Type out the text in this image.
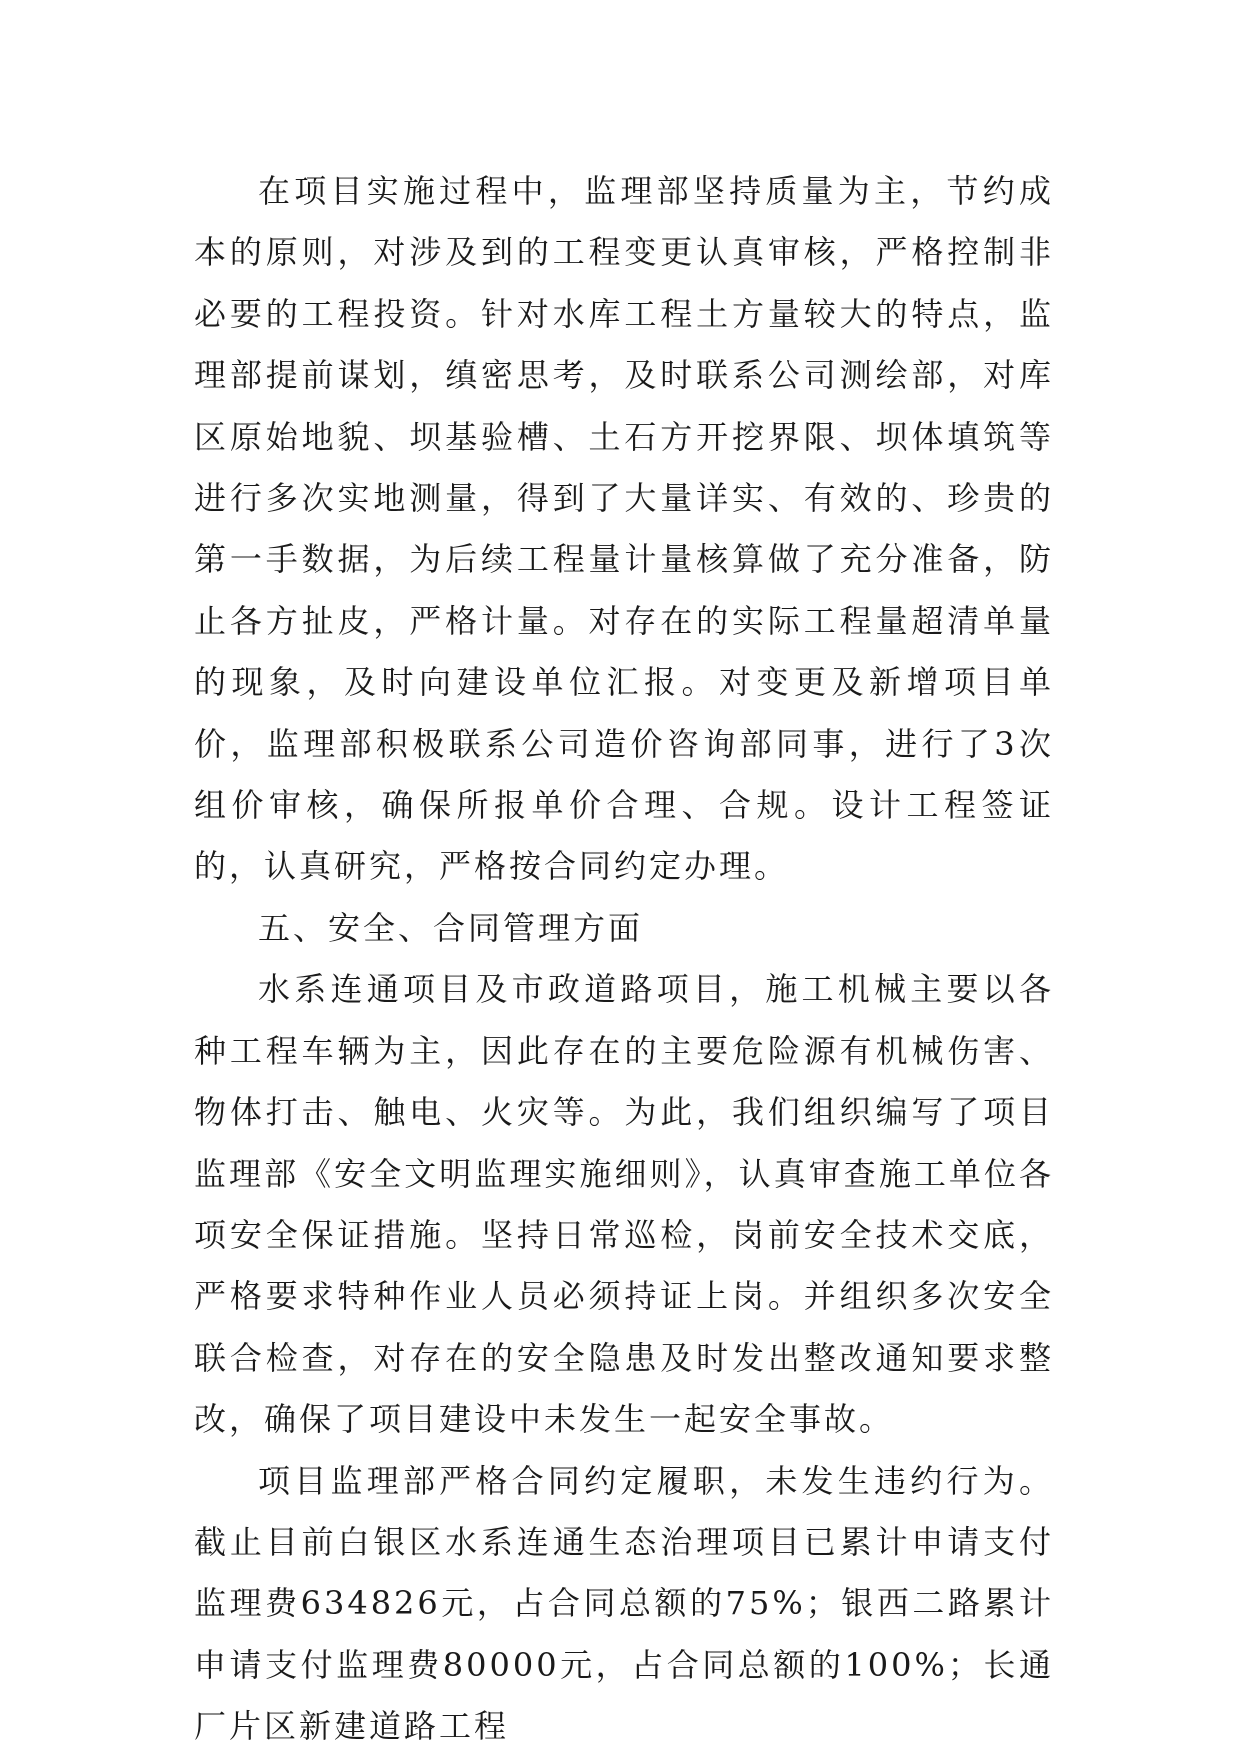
在项目实施过程中，监理部坚持质量为主，节约成本的原则，对涉及到的工程变更认真审核，严格控制非必要的工程投资。针对水库工程土方量较大的特点，监理部提前谋划，缜密思考，及时联系公司测绘部，对库区原始地貌、坝基验槽、土石方开挖界限、坝体填筑等进行多次实地测量，得到了大量详实、有效的、珍贵的第一手数据，为后续工程量计量核算做了充分准备，防止各方扯皮，严格计量。对存在的实际工程量超清单量的现象，及时向建设单位汇报。对变更及新增项目单价，监理部积极联系公司造价咨询部同事，进行了3次组价审核，确保所报单价合理、合规。设计工程签证的，认真研究，严格按合同约定办理。

五、安全、合同管理方面

水系连通项目及市政道路项目，施工机械主要以各种工程车辆为主，因此存在的主要危险源有机械伤害、物体打击、触电、火灾等。为此，我们组织编写了项目监理部《安全文明监理实施细则》，认真审查施工单位各项安全保证措施。坚持日常巡检，岗前安全技术交底，严格要求特种作业人员必须持证上岗。并组织多次安全联合检查，对存在的安全隐患及时发出整改通知要求整改，确保了项目建设中未发生一起安全事故。

项目监理部严格合同约定履职，未发生违约行为。截止目前白银区水系连通生态治理项目已累计申请支付监理费634826元，占合同总额的75%；银西二路累计申请支付监理费80000元，占合同总额的100%；长通厂片区新建道路工程
